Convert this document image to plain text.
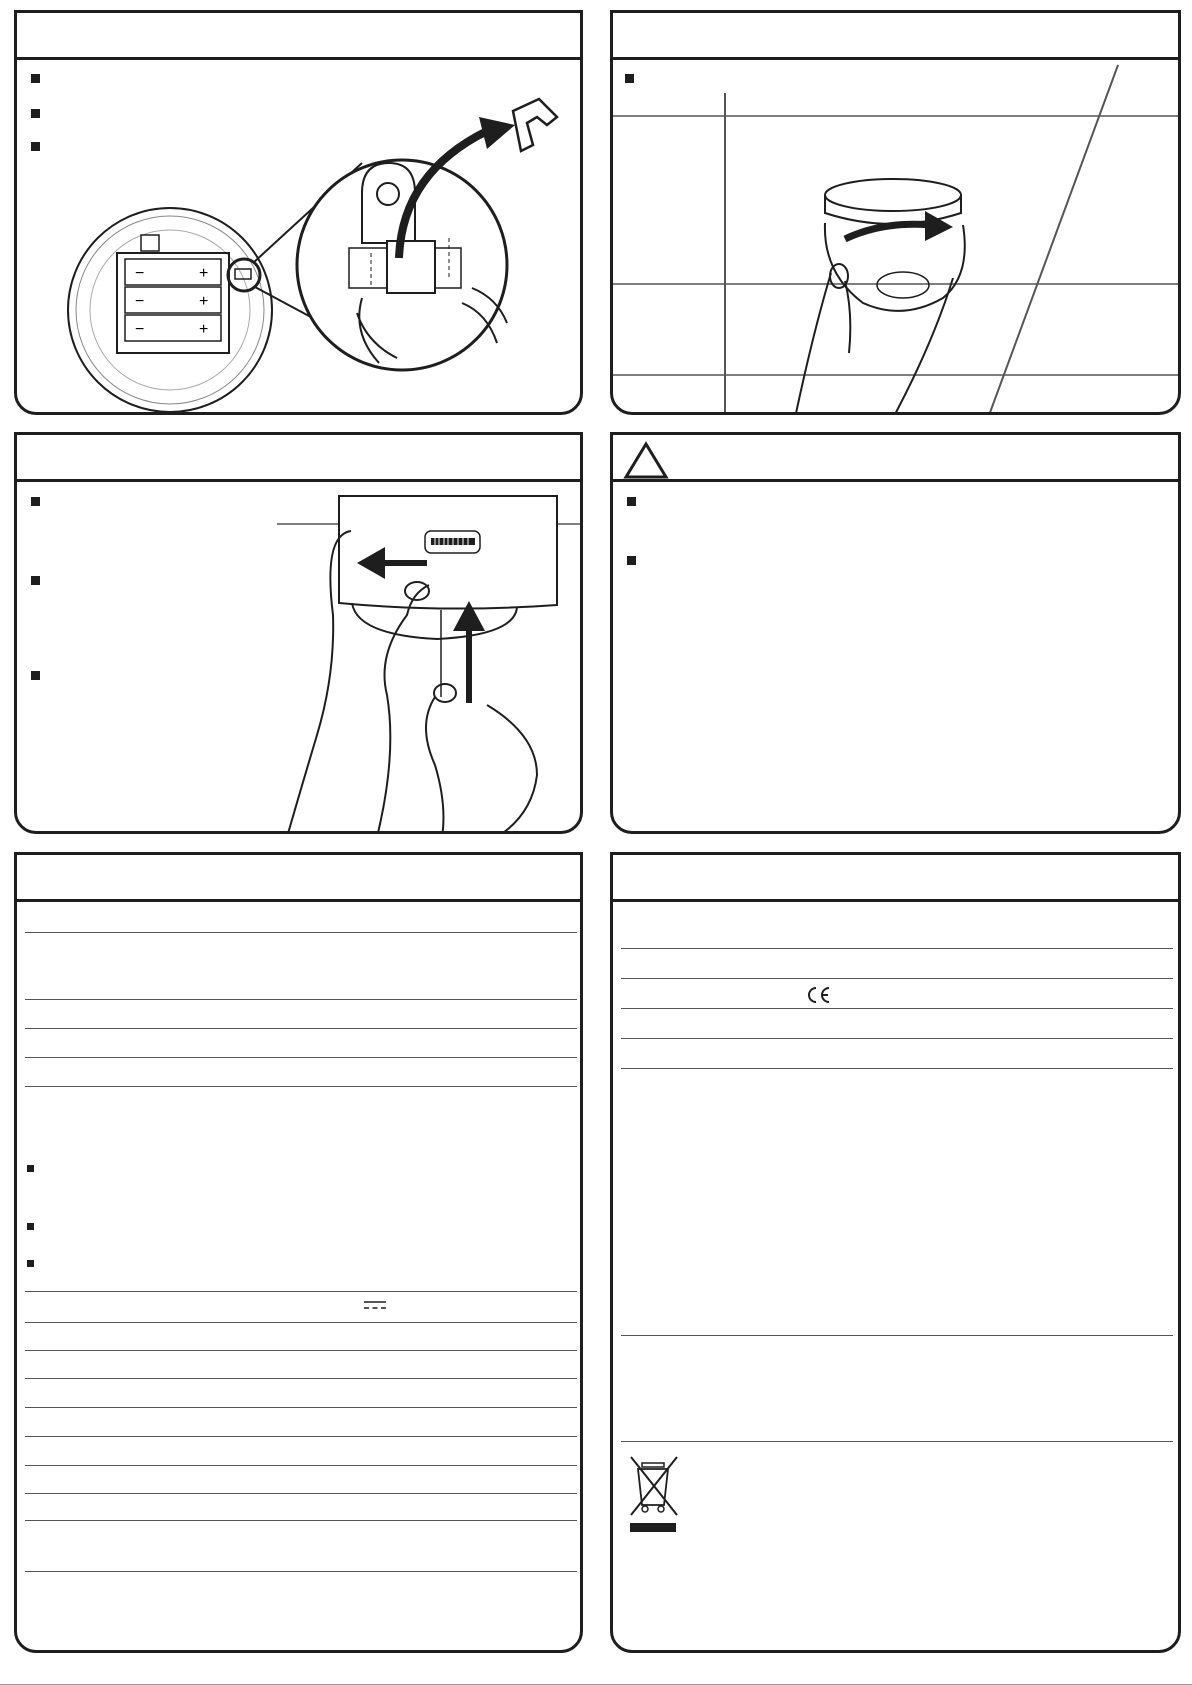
−	+
−	+
−	+
